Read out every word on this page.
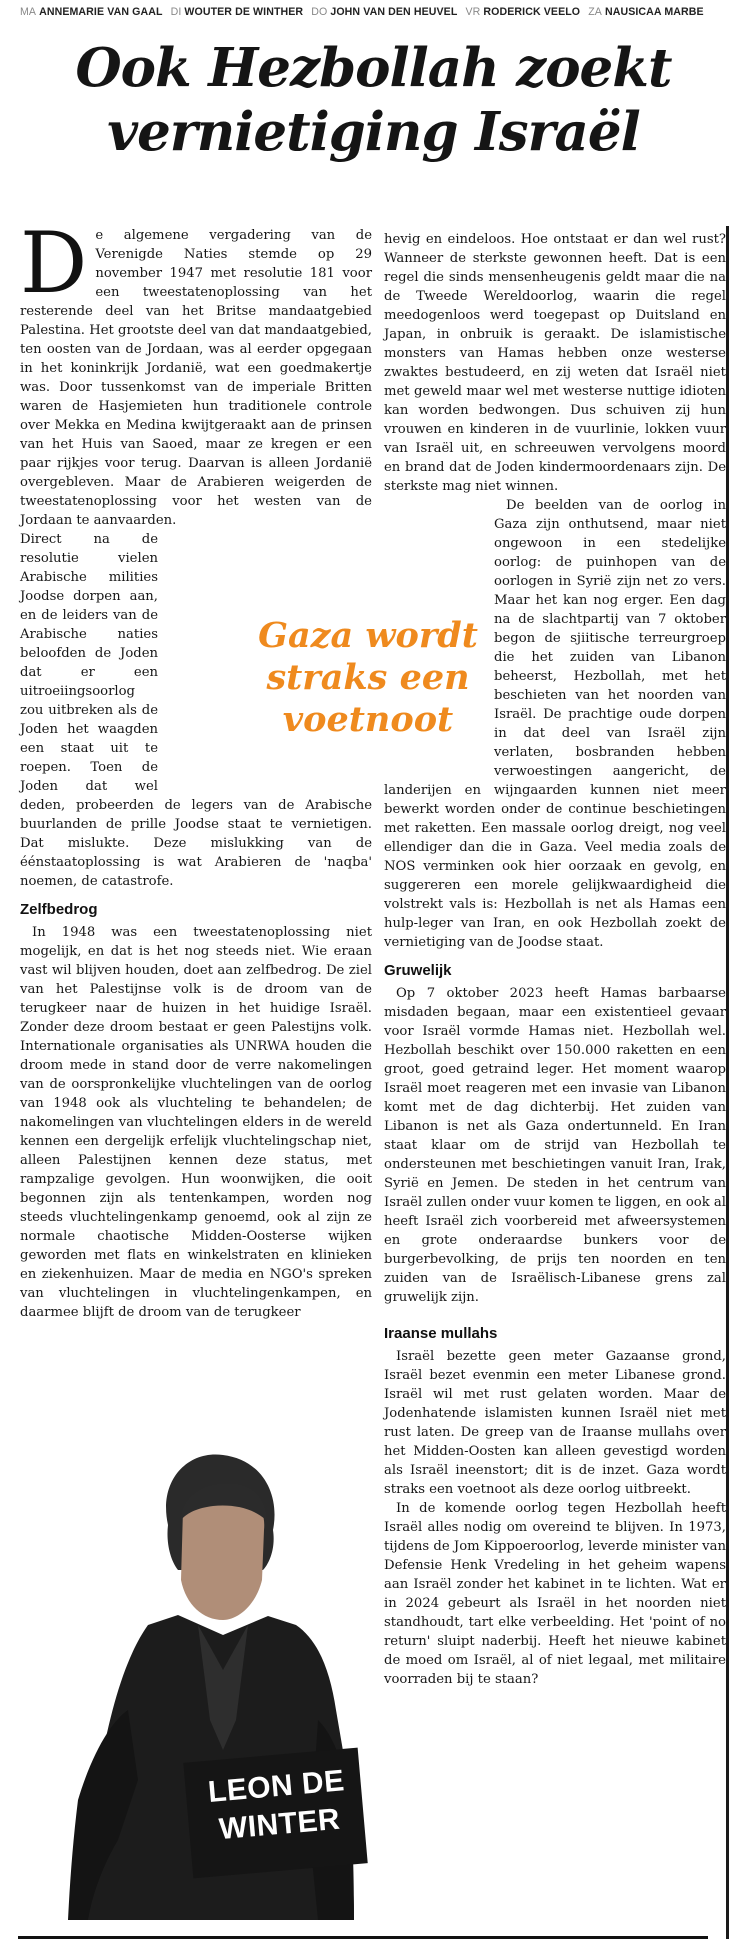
MA ANNEMARIE VAN GAAL DI WOUTER DE WINTHER DO JOHN VAN DEN HEUVEL VR RODERICK VEELO ZA NAUSICAA MARBE
Ook Hezbollah zoekt
vernietiging Israël

De algemene vergadering van de Verenigde Naties stemde op 29 november 1947 met resolutie 181 voor een tweestatenoplossing van het resterende deel van het Britse mandaatgebied Palestina. Het grootste deel van dat mandaatgebied, ten oosten van de Jordaan, was al eerder opgegaan in het koninkrijk Jordanië, wat een goedmakertje was. Door tussenkomst van de imperiale Britten waren de Hasjemieten hun traditionele controle over Mekka en Medina kwijtgeraakt aan de prinsen van het Huis van Saoed, maar ze kregen er een paar rijkjes voor terug. Daarvan is alleen Jordanië overgebleven. Maar de Arabieren weigerden de tweestatenoplossing voor het westen van de Jordaan te aanvaarden.

Direct na de resolutie vielen Arabische milities Joodse dorpen aan, en de leiders van de Arabische naties beloofden de Joden dat er een uitroeiingsoorlog zou uitbreken als de Joden het waagden een staat uit te roepen. Toen de Joden dat wel deden, probeerden de legers van de Arabische buurlanden de prille Joodse staat te vernietigen. Dat mislukte. Deze mislukking van de éénstaatoplossing is wat Arabieren de 'naqba' noemen, de catastrofe.

Zelfbedrog

In 1948 was een tweestatenoplossing niet mogelijk, en dat is het nog steeds niet. Wie eraan vast wil blijven houden, doet aan zelfbedrog. De ziel van het Palestijnse volk is de droom van de terugkeer naar de huizen in het huidige Israël. Zonder deze droom bestaat er geen Palestijns volk. Internationale organisaties als UNRWA houden die droom mede in stand door de verre nakomelingen van de oorspronkelijke vluchtelingen van de oorlog van 1948 ook als vluchteling te behandelen; de nakomelingen van vluchtelingen elders in de wereld kennen een dergelijk erfelijk vluchtelingschap niet, alleen Palestijnen kennen deze status, met rampzalige gevolgen. Hun woonwijken, die ooit begonnen zijn als tentenkampen, worden nog steeds vluchtelingenkamp genoemd, ook al zijn ze normale chaotische Midden-Oosterse wijken geworden met flats en winkelstraten en klinieken en ziekenhuizen. Maar de media en NGO's spreken van vluchtelingen in vluchtelingenkampen, en daarmee blijft de droom van de terugkeer

Gaza wordt
straks een
voetnoot

hevig en eindeloos. Hoe ontstaat er dan wel rust? Wanneer de sterkste gewonnen heeft. Dat is een regel die sinds mensenheugenis geldt maar die na de Tweede Wereldoorlog, waarin die regel meedogenloos werd toegepast op Duitsland en Japan, in onbruik is geraakt. De islamistische monsters van Hamas hebben onze westerse zwaktes bestudeerd, en zij weten dat Israël niet met geweld maar wel met westerse nuttige idioten kan worden bedwongen. Dus schuiven zij hun vrouwen en kinderen in de vuurlinie, lokken vuur van Israël uit, en schreeuwen vervolgens moord en brand dat de Joden kindermoordenaars zijn. De sterkste mag niet winnen.

De beelden van de oorlog in Gaza zijn onthutsend, maar niet ongewoon in een stedelijke oorlog: de puinhopen van de oorlogen in Syrië zijn net zo vers. Maar het kan nog erger. Een dag na de slachtpartij van 7 oktober begon de sjiitische terreurgroep die het zuiden van Libanon beheerst, Hezbollah, met het beschieten van het noorden van Israël. De prachtige oude dorpen in dat deel van Israël zijn verlaten, bosbranden hebben verwoestingen aangericht, de landerijen en wijngaarden kunnen niet meer bewerkt worden onder de continue beschietingen met raketten. Een massale oorlog dreigt, nog veel ellendiger dan die in Gaza. Veel media zoals de NOS verminken ook hier oorzaak en gevolg, en suggereren een morele gelijkwaardigheid die volstrekt vals is: Hezbollah is net als Hamas een hulp-leger van Iran, en ook Hezbollah zoekt de vernietiging van de Joodse staat.

Gruwelijk

Op 7 oktober 2023 heeft Hamas barbaarse misdaden begaan, maar een existentieel gevaar voor Israël vormde Hamas niet. Hezbollah wel. Hezbollah beschikt over 150.000 raketten en een groot, goed getraind leger. Het moment waarop Israël moet reageren met een invasie van Libanon komt met de dag dichterbij. Het zuiden van Libanon is net als Gaza ondertunneld. En Iran staat klaar om de strijd van Hezbollah te ondersteunen met beschietingen vanuit Iran, Irak, Syrië en Jemen. De steden in het centrum van Israël zullen onder vuur komen te liggen, en ook al heeft Israël zich voorbereid met afweersystemen en grote onderaardse bunkers voor de burgerbevolking, de prijs ten noorden en ten zuiden van de Israëlisch-Libanese grens zal gruwelijk zijn.

Iraanse mullahs

Israël bezette geen meter Gazaanse grond, Israël bezet evenmin een meter Libanese grond. Israël wil met rust gelaten worden. Maar de Jodenhatende islamisten kunnen Israël niet met rust laten. De greep van de Iraanse mullahs over het Midden-Oosten kan alleen gevestigd worden als Israël ineenstort; dit is de inzet. Gaza wordt straks een voetnoot als deze oorlog uitbreekt.

In de komende oorlog tegen Hezbollah heeft Israël alles nodig om overeind te blijven. In 1973, tijdens de Jom Kippoeroorlog, leverde minister van Defensie Henk Vredeling in het geheim wapens aan Israël zonder het kabinet in te lichten. Wat er in 2024 gebeurt als Israël in het noorden niet standhoudt, tart elke verbeelding. Het 'point of no return' sluipt naderbij. Heeft het nieuwe kabinet de moed om Israël, al of niet legaal, met militaire voorraden bij te staan?

LEON DE
WINTER
